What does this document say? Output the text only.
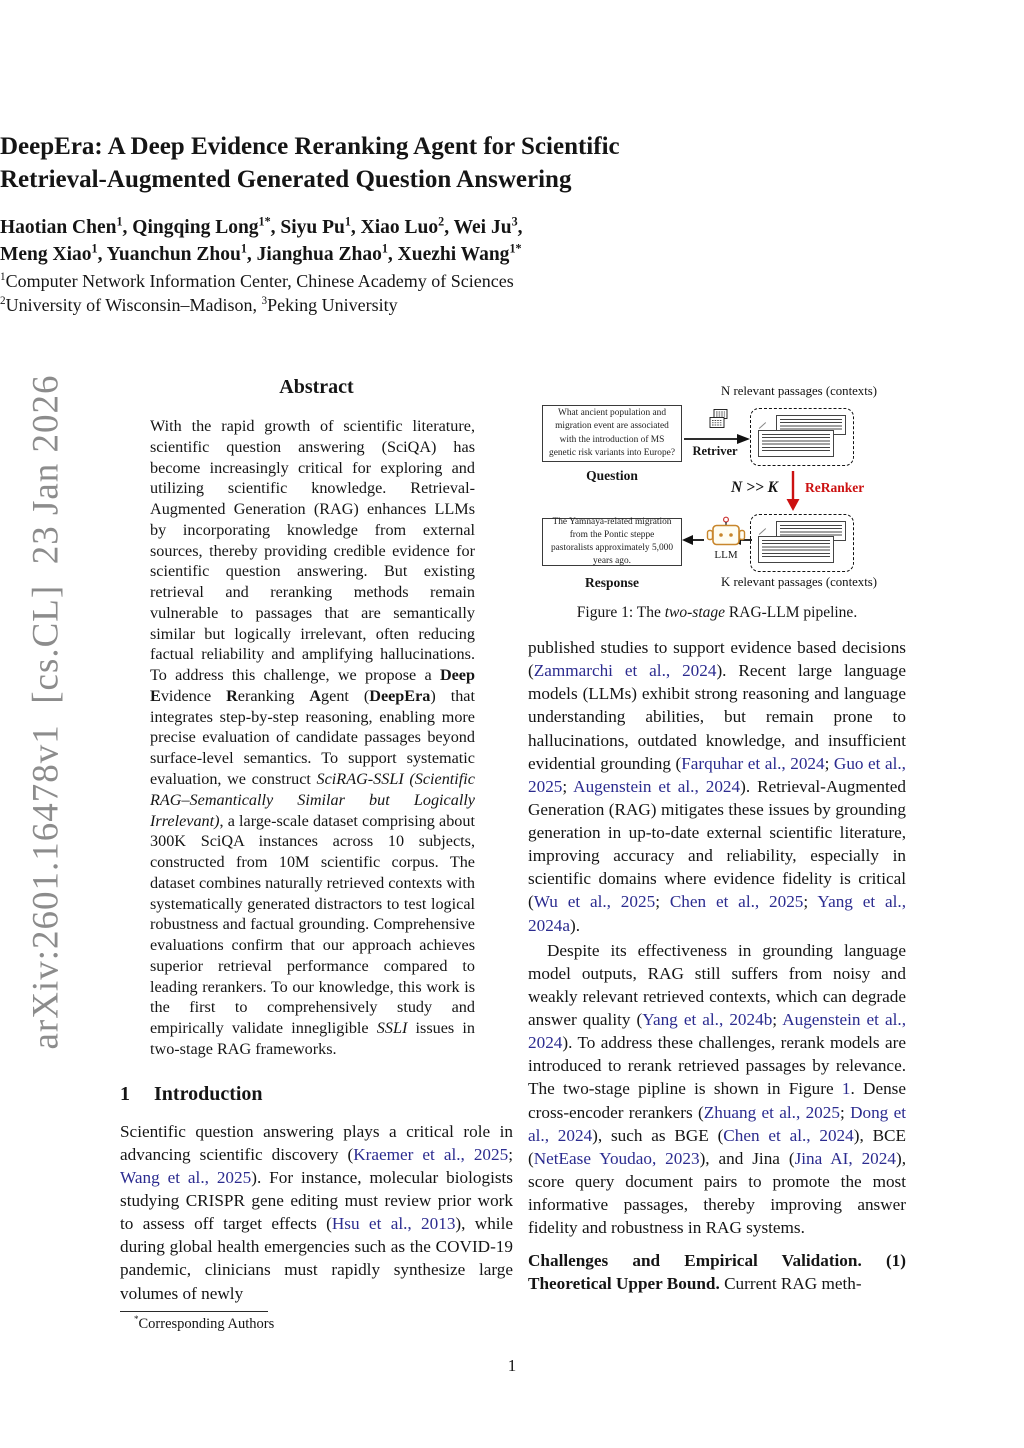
arXiv:2601.16478v1  [cs.CL]  23 Jan 2026
DeepEra: A Deep Evidence Reranking Agent for Scientific
Retrieval-Augmented Generated Question Answering
Haotian Chen$^1$, Qingqing Long$^{1*}$, Siyu Pu$^1$, Xiao Luo$^2$, Wei Ju$^3$,
Meng Xiao$^1$, Yuanchun Zhou$^1$, Jianghua Zhao$^1$, Xuezhi Wang$^{1*}$
$^1$Computer Network Information Center, Chinese Academy of Sciences
$^2$University of Wisconsin–Madison, $^3$Peking University
Abstract

With the rapid growth of scientific literature, scientific question answering (SciQA) has become increasingly critical for exploring and utilizing scientific knowledge. Retrieval-Augmented Generation (RAG) enhances LLMs by incorporating knowledge from external sources, thereby providing credible evidence for scientific question answering. But existing retrieval and reranking methods remain vulnerable to passages that are semantically similar but logically irrelevant, often reducing factual reliability and amplifying hallucinations. To address this challenge, we propose a Deep Evidence Reranking Agent (DeepEra) that integrates step-by-step reasoning, enabling more precise evaluation of candidate passages beyond surface-level semantics. To support systematic evaluation, we construct SciRAG-SSLI (Scientific RAG–Semantically Similar but Logically Irrelevant), a large-scale dataset comprising about 300K SciQA instances across 10 subjects, constructed from 10M scientific corpus. The dataset combines naturally retrieved contexts with systematically generated distractors to test logical robustness and factual grounding. Comprehensive evaluations confirm that our approach achieves superior retrieval performance compared to leading rerankers. To our knowledge, this work is the first to comprehensively study and empirically validate innegligible SSLI issues in two-stage RAG frameworks.

1 Introduction

Scientific question answering plays a critical role in advancing scientific discovery (Kraemer et al., 2025; Wang et al., 2025). For instance, molecular biologists studying CRISPR gene editing must review prior work to assess off target effects (Hsu et al., 2013), while during global health emergencies such as the COVID-19 pandemic, clinicians must rapidly synthesize large volumes of newly

*Corresponding Authors
N relevant passages (contexts)
What ancient population and migration event are associated with the introduction of MS genetic risk variants into Europe?
Question
Retriver
N >> K ReRanker
K relevant passages (contexts)
LLM
The Yamnaya-related migration from the Pontic steppe pastoralists approximately 5,000 years ago.
Response
Figure 1: The two-stage RAG-LLM pipeline.

published studies to support evidence based decisions (Zammarchi et al., 2024). Recent large language models (LLMs) exhibit strong reasoning and language understanding abilities, but remain prone to hallucinations, outdated knowledge, and insufficient evidential grounding (Farquhar et al., 2024; Guo et al., 2025; Augenstein et al., 2024). Retrieval-Augmented Generation (RAG) mitigates these issues by grounding generation in up-to-date external scientific literature, improving accuracy and reliability, especially in scientific domains where evidence fidelity is critical (Wu et al., 2025; Chen et al., 2025; Yang et al., 2024a).

Despite its effectiveness in grounding language model outputs, RAG still suffers from noisy and weakly relevant retrieved contexts, which can degrade answer quality (Yang et al., 2024b; Augenstein et al., 2024). To address these challenges, rerank models are introduced to rerank retrieved passages by relevance. The two-stage pipline is shown in Figure 1. Dense cross-encoder rerankers (Zhuang et al., 2025; Dong et al., 2024), such as BGE (Chen et al., 2024), BCE (NetEase Youdao, 2023), and Jina (Jina AI, 2024), score query document pairs to promote the most informative passages, thereby improving answer fidelity and robustness in RAG systems.

Challenges and Empirical Validation. (1) Theoretical Upper Bound. Current RAG meth-

1
